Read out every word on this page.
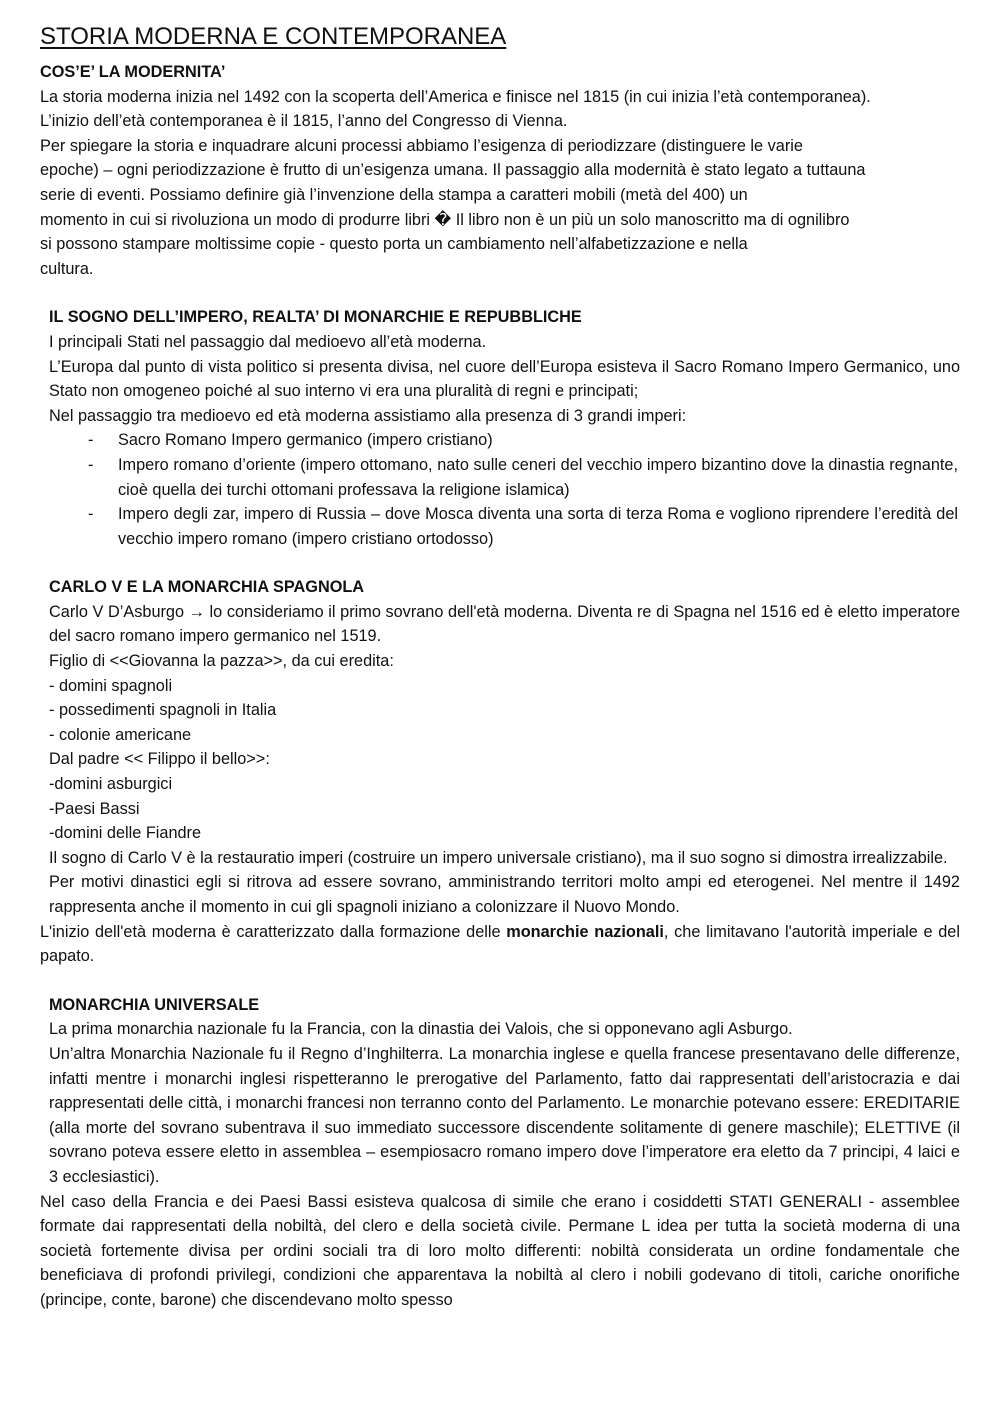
STORIA MODERNA E CONTEMPORANEA
COS’E’ LA MODERNITA’

La storia moderna inizia nel 1492 con la scoperta dell’America e finisce nel 1815 (in cui inizia l’età contemporanea).

L’inizio dell’età contemporanea è il 1815, l’anno del Congresso di Vienna.

Per spiegare la storia e inquadrare alcuni processi abbiamo l’esigenza di periodizzare (distinguere le varie
epoche) – ogni periodizzazione è frutto di un’esigenza umana. Il passaggio alla modernità è stato legato a tuttauna
serie di eventi. Possiamo definire già l’invenzione della stampa a caratteri mobili (metà del 400) un
momento in cui si rivoluziona un modo di produrre libri � Il libro non è un più un solo manoscritto ma di ognilibro
si possono stampare moltissime copie - questo porta un cambiamento nell’alfabetizzazione e nella
cultura.
IL SOGNO DELL’IMPERO, REALTA’ DI MONARCHIE E REPUBBLICHE

I principali Stati nel passaggio dal medioevo all’età moderna.

L’Europa dal punto di vista politico si presenta divisa, nel cuore dell’Europa esisteva il Sacro Romano Impero Germanico, uno Stato non omogeneo poiché al suo interno vi era una pluralità di regni e principati;

Nel passaggio tra medioevo ed età moderna assistiamo alla presenza di 3 grandi imperi:

- Sacro Romano Impero germanico (impero cristiano)
- Impero romano d’oriente (impero ottomano, nato sulle ceneri del vecchio impero bizantino dove la dinastia regnante, cioè quella dei turchi ottomani professava la religione islamica)
- Impero degli zar, impero di Russia – dove Mosca diventa una sorta di terza Roma e vogliono riprendere l’eredità del vecchio impero romano (impero cristiano ortodosso)
CARLO V E LA MONARCHIA SPAGNOLA

Carlo V D’Asburgo → lo consideriamo il primo sovrano dell'età moderna. Diventa re di Spagna nel 1516 ed è eletto imperatore del sacro romano impero germanico nel 1519.

Figlio di <<Giovanna la pazza>>, da cui eredita:

- domini spagnoli
- possedimenti spagnoli in Italia
- colonie americane

Dal padre << Filippo il bello>>:

-domini asburgici
-Paesi Bassi
-domini delle Fiandre

Il sogno di Carlo V è la restauratio imperi (costruire un impero universale cristiano), ma il suo sogno si dimostra irrealizzabile.

Per motivi dinastici egli si ritrova ad essere sovrano, amministrando territori molto ampi ed eterogenei. Nel mentre il 1492 rappresenta anche il momento in cui gli spagnoli iniziano a colonizzare il Nuovo Mondo.

L'inizio dell'età moderna è caratterizzato dalla formazione delle monarchie nazionali, che limitavano l'autorità imperiale e del papato.

MONARCHIA UNIVERSALE

La prima monarchia nazionale fu la Francia, con la dinastia dei Valois, che si opponevano agli Asburgo.

Un’altra Monarchia Nazionale fu il Regno d’Inghilterra. La monarchia inglese e quella francese presentavano delle differenze, infatti mentre i monarchi inglesi rispetteranno le prerogative del Parlamento, fatto dai rappresentati dell’aristocrazia e dai rappresentati delle città, i monarchi francesi non terranno conto del Parlamento. Le monarchie potevano essere: EREDITARIE (alla morte del sovrano subentrava il suo immediato successore discendente solitamente di genere maschile); ELETTIVE (il sovrano poteva essere eletto in assemblea – esempiosacro romano impero dove l’imperatore era eletto da 7 principi, 4 laici e 3 ecclesiastici).

Nel caso della Francia e dei Paesi Bassi esisteva qualcosa di simile che erano i cosiddetti STATI GENERALI - assemblee formate dai rappresentati della nobiltà, del clero e della società civile. Permane L idea per tutta la società moderna di una società fortemente divisa per ordini sociali tra di loro molto differenti: nobiltà considerata un ordine fondamentale che beneficiava di profondi privilegi, condizioni che apparentava la nobiltà al clero i nobili godevano di titoli, cariche onorifiche (principe, conte, barone) che discendevano molto spesso
